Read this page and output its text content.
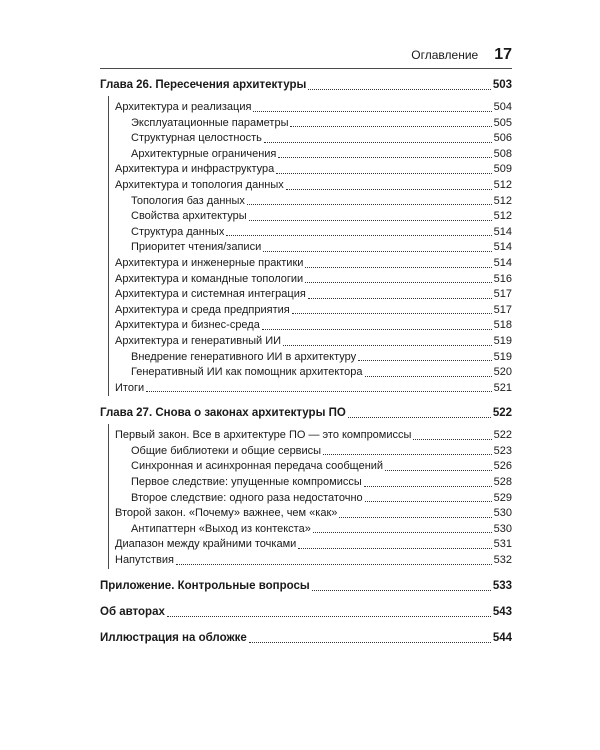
Оглавление 17
Глава 26. Пересечения архитектуры	503
Архитектура и реализация	504
Эксплуатационные параметры	505
Структурная целостность	506
Архитектурные ограничения	508
Архитектура и инфраструктура	509
Архитектура и топология данных	512
Топология баз данных	512
Свойства архитектуры	512
Структура данных	514
Приоритет чтения/записи	514
Архитектура и инженерные практики	514
Архитектура и командные топологии	516
Архитектура и системная интеграция	517
Архитектура и среда предприятия	517
Архитектура и бизнес-среда	518
Архитектура и генеративный ИИ	519
Внедрение генеративного ИИ в архитектуру	519
Генеративный ИИ как помощник архитектора	520
Итоги	521
Глава 27. Снова о законах архитектуры ПО	522
Первый закон. Все в архитектуре ПО — это компромиссы	522
Общие библиотеки и общие сервисы	523
Синхронная и асинхронная передача сообщений	526
Первое следствие: упущенные компромиссы	528
Второе следствие: одного раза недостаточно	529
Второй закон. «Почему» важнее, чем «как»	530
Антипаттерн «Выход из контекста»	530
Диапазон между крайними точками	531
Напутствия	532
Приложение. Контрольные вопросы	533
Об авторах	543
Иллюстрация на обложке	544
